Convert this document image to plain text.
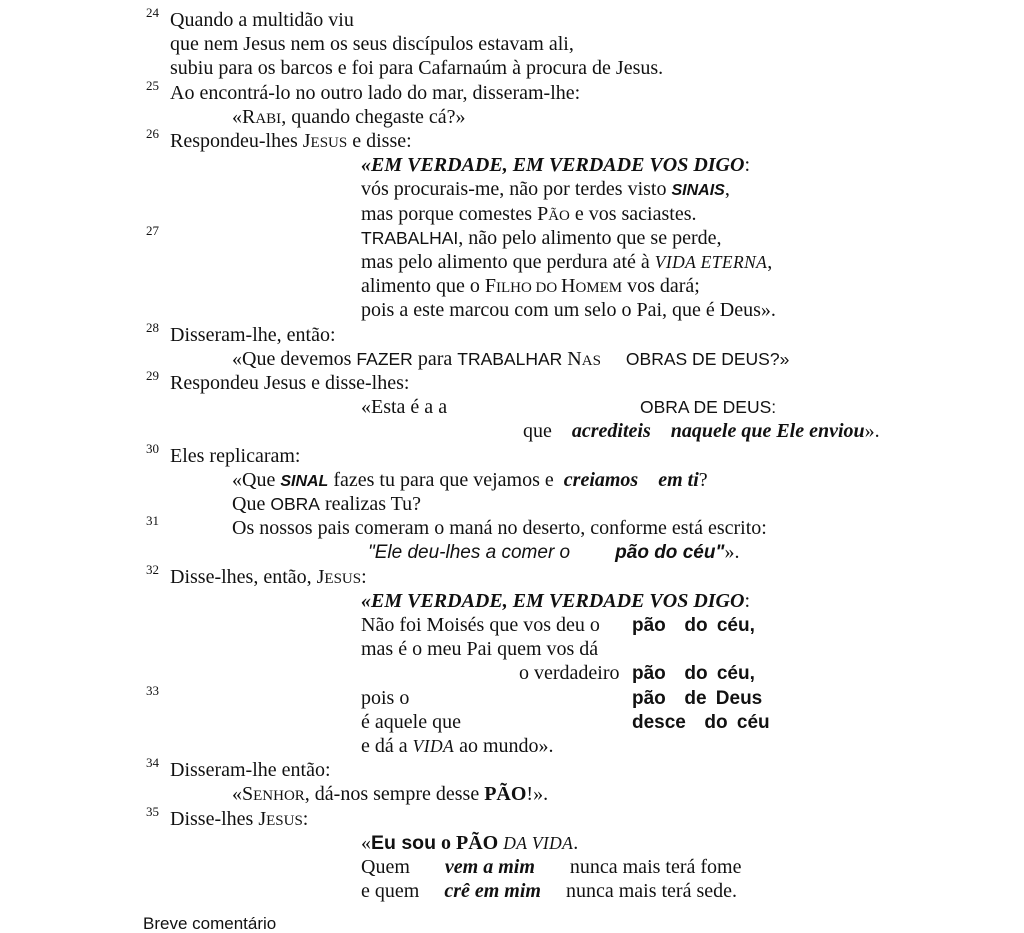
Breve comentário
24 Quando a multidão viu
que nem Jesus nem os seus discípulos estavam ali,
subiu para os barcos e foi para Cafarnaúm à procura de Jesus.
25 Ao encontrá-lo no outro lado do mar, disseram-lhe:
«RABI, quando chegaste cá?»
26 Respondeu-lhes JESUS e disse:
«EM VERDADE, EM VERDADE VOS DIGO:
vós procurais-me, não por terdes visto SINAIS,
mas porque comestes PÃO e vos saciastes.
27	TRABALHAI, não pelo alimento que se perde,
mas pelo alimento que perdura até à VIDA ETERNA,
alimento que o FILHO DO HOMEM vos dará;
pois a este marcou com um selo o Pai, que é Deus».
28 Disseram-lhe, então:
«Que devemos FAZER para TRABALHAR NAS OBRAS DE DEUS?»
29 Respondeu Jesus e disse-lhes:
«Esta é a a	OBRA DE DEUS:
que    acrediteis naquele que Ele enviou».
30 Eles replicaram:
«Que SINAL fazes tu para que vejamos e  creiamos em ti?
Que OBRA realizas Tu?
31	Os nossos pais comeram o maná no deserto, conforme está escrito:
"Ele deu-lhes a comer o pão do céu"».
32 Disse-lhes, então, JESUS:
«EM VERDADE, EM VERDADE VOS DIGO:
Não foi Moisés que vos deu o pão  do céu,
mas é o meu Pai quem vos dá
o verdadeiro pão  do céu,
33	pois o	pão  de Deus
é aquele que	desce  do céu
e dá a VIDA ao mundo».
34 Disseram-lhe então:
«SENHOR, dá-nos sempre desse PÃO!».
35 Disse-lhes JESUS:
«Eu sou o PÃO DA VIDA.
Quem       vem a mim       nunca mais terá fome
e quem     crê em mim     nunca mais terá sede.
